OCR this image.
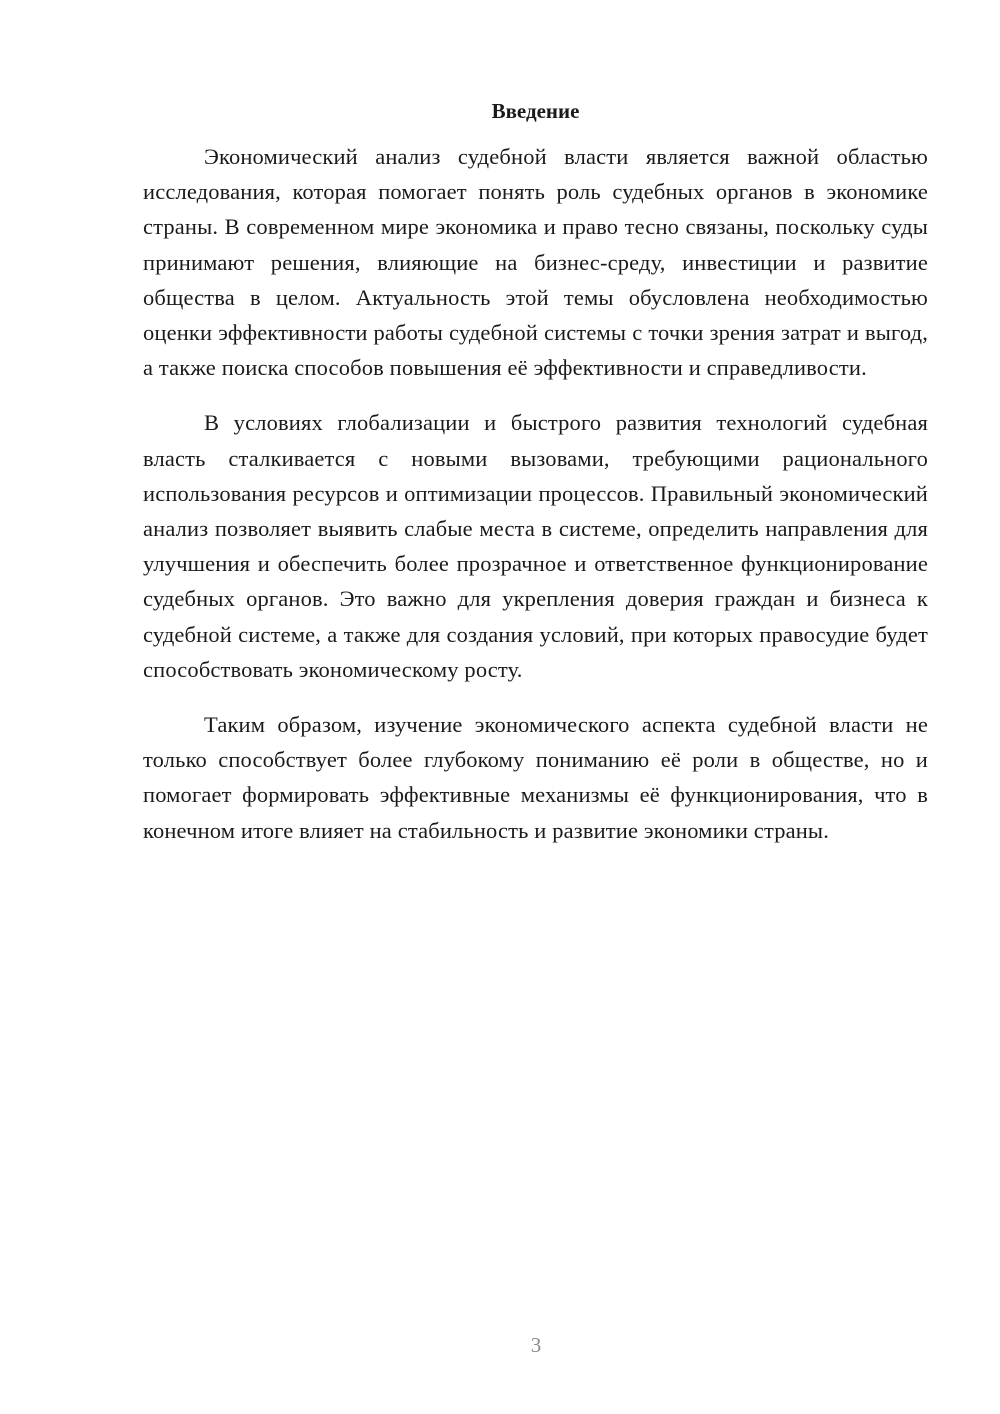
Введение

Экономический анализ судебной власти является важной областью исследования, которая помогает понять роль судебных органов в экономике страны. В современном мире экономика и право тесно связаны, поскольку суды принимают решения, влияющие на бизнес-среду, инвестиции и развитие общества в целом. Актуальность этой темы обусловлена необходимостью оценки эффективности работы судебной системы с точки зрения затрат и выгод, а также поиска способов повышения её эффективности и справедливости.

В условиях глобализации и быстрого развития технологий судебная власть сталкивается с новыми вызовами, требующими рационального использования ресурсов и оптимизации процессов. Правильный экономический анализ позволяет выявить слабые места в системе, определить направления для улучшения и обеспечить более прозрачное и ответственное функционирование судебных органов. Это важно для укрепления доверия граждан и бизнеса к судебной системе, а также для создания условий, при которых правосудие будет способствовать экономическому росту.

Таким образом, изучение экономического аспекта судебной власти не только способствует более глубокому пониманию её роли в обществе, но и помогает формировать эффективные механизмы её функционирования, что в конечном итоге влияет на стабильность и развитие экономики страны.

3
